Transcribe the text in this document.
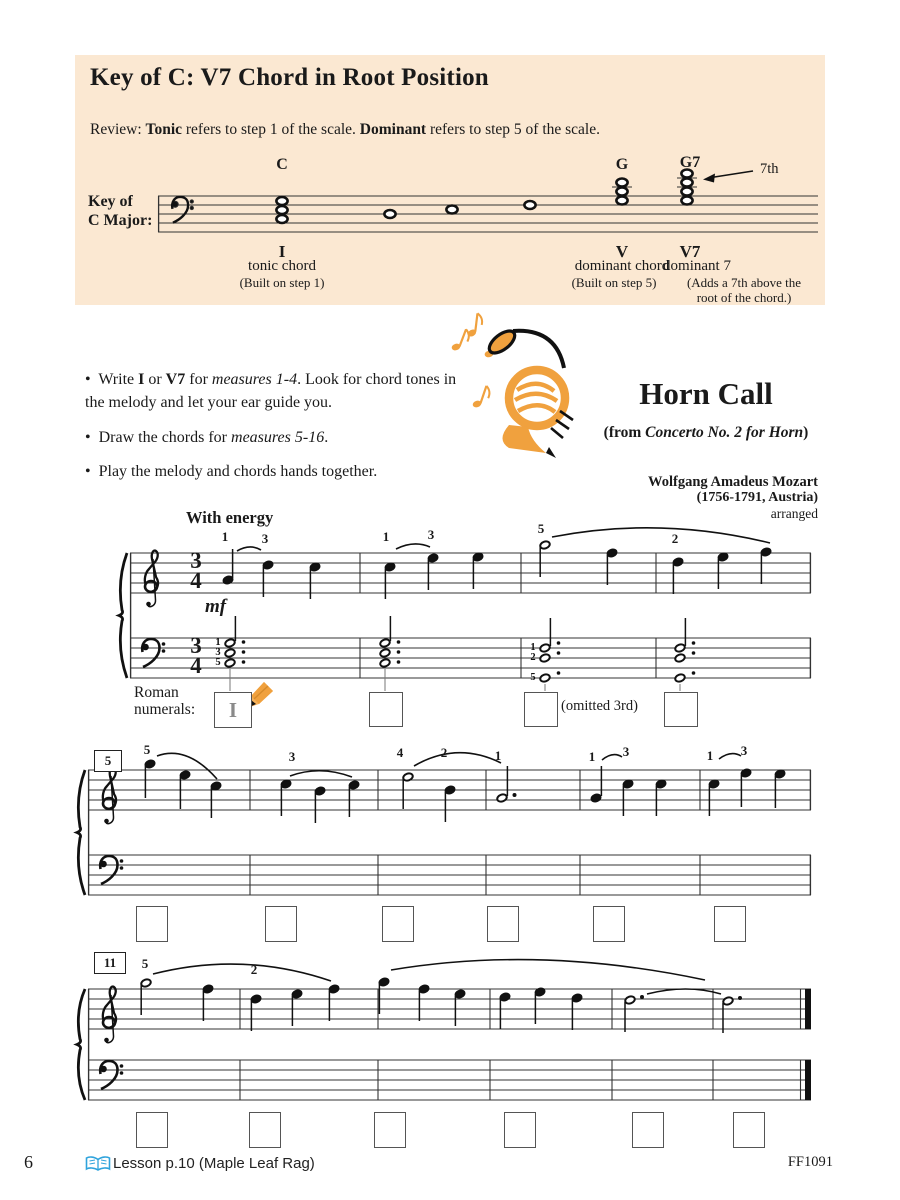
Key of C: V7 Chord in Root Position
Review: Tonic refers to step 1 of the scale. Dominant refers to step 5 of the scale.
Key of
C Major:
C	G	G7	7th
I
tonic chord
(Built on step 1)
V
dominant chord
(Built on step 5)
V7
dominant 7
(Adds a 7th above the
root of the chord.)
• Write I or V7 for measures 1-4. Look for chord tones in the melody and let your ear guide you.
• Draw the chords for measures 5-16.
• Play the melody and chords hands together.
Horn Call
(from Concerto No. 2 for Horn)
Wolfgang Amadeus Mozart
(1756-1791, Austria)
arranged
With energy
3
4
3
4
mf
1	3	1	3	5
2
1
3
5
1
2
5
Roman
numerals: I	(omitted 3rd)
5
5	3	4	2	1	1 3	1 3
11	5	2
6	Lesson p.10 (Maple Leaf Rag)	FF1091
